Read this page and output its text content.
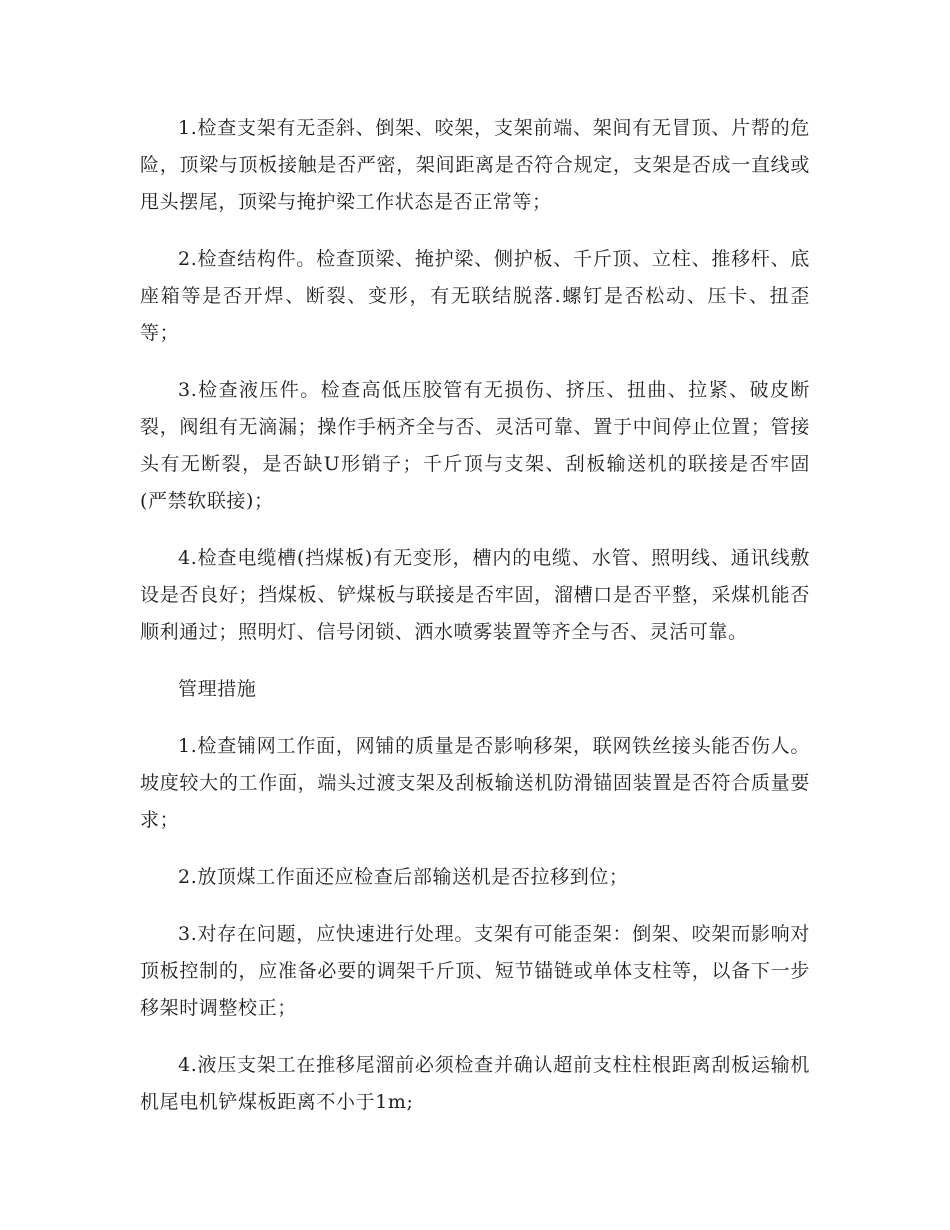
1.检查支架有无歪斜、倒架、咬架，支架前端、架间有无冒顶、片帮的危险，顶梁与顶板接触是否严密，架间距离是否符合规定，支架是否成一直线或甩头摆尾，顶梁与掩护梁工作状态是否正常等；

2.检查结构件。检查顶梁、掩护梁、侧护板、千斤顶、立柱、推移杆、底座箱等是否开焊、断裂、变形，有无联结脱落.螺钉是否松动、压卡、扭歪等；

3.检查液压件。检查高低压胶管有无损伤、挤压、扭曲、拉紧、破皮断裂，阀组有无滴漏；操作手柄齐全与否、灵活可靠、置于中间停止位置；管接头有无断裂，是否缺U形销子；千斤顶与支架、刮板输送机的联接是否牢固(严禁软联接)；

4.检查电缆槽(挡煤板)有无变形，槽内的电缆、水管、照明线、通讯线敷设是否良好；挡煤板、铲煤板与联接是否牢固，溜槽口是否平整，采煤机能否顺利通过；照明灯、信号闭锁、洒水喷雾装置等齐全与否、灵活可靠。

管理措施

1.检查铺网工作面，网铺的质量是否影响移架，联网铁丝接头能否伤人。坡度较大的工作面，端头过渡支架及刮板输送机防滑锚固装置是否符合质量要求；

2.放顶煤工作面还应检查后部输送机是否拉移到位；

3.对存在问题，应快速进行处理。支架有可能歪架：倒架、咬架而影响对顶板控制的，应准备必要的调架千斤顶、短节锚链或单体支柱等，以备下一步移架时调整校正；

4.液压支架工在推移尾溜前必须检查并确认超前支柱柱根距离刮板运输机机尾电机铲煤板距离不小于1m;
